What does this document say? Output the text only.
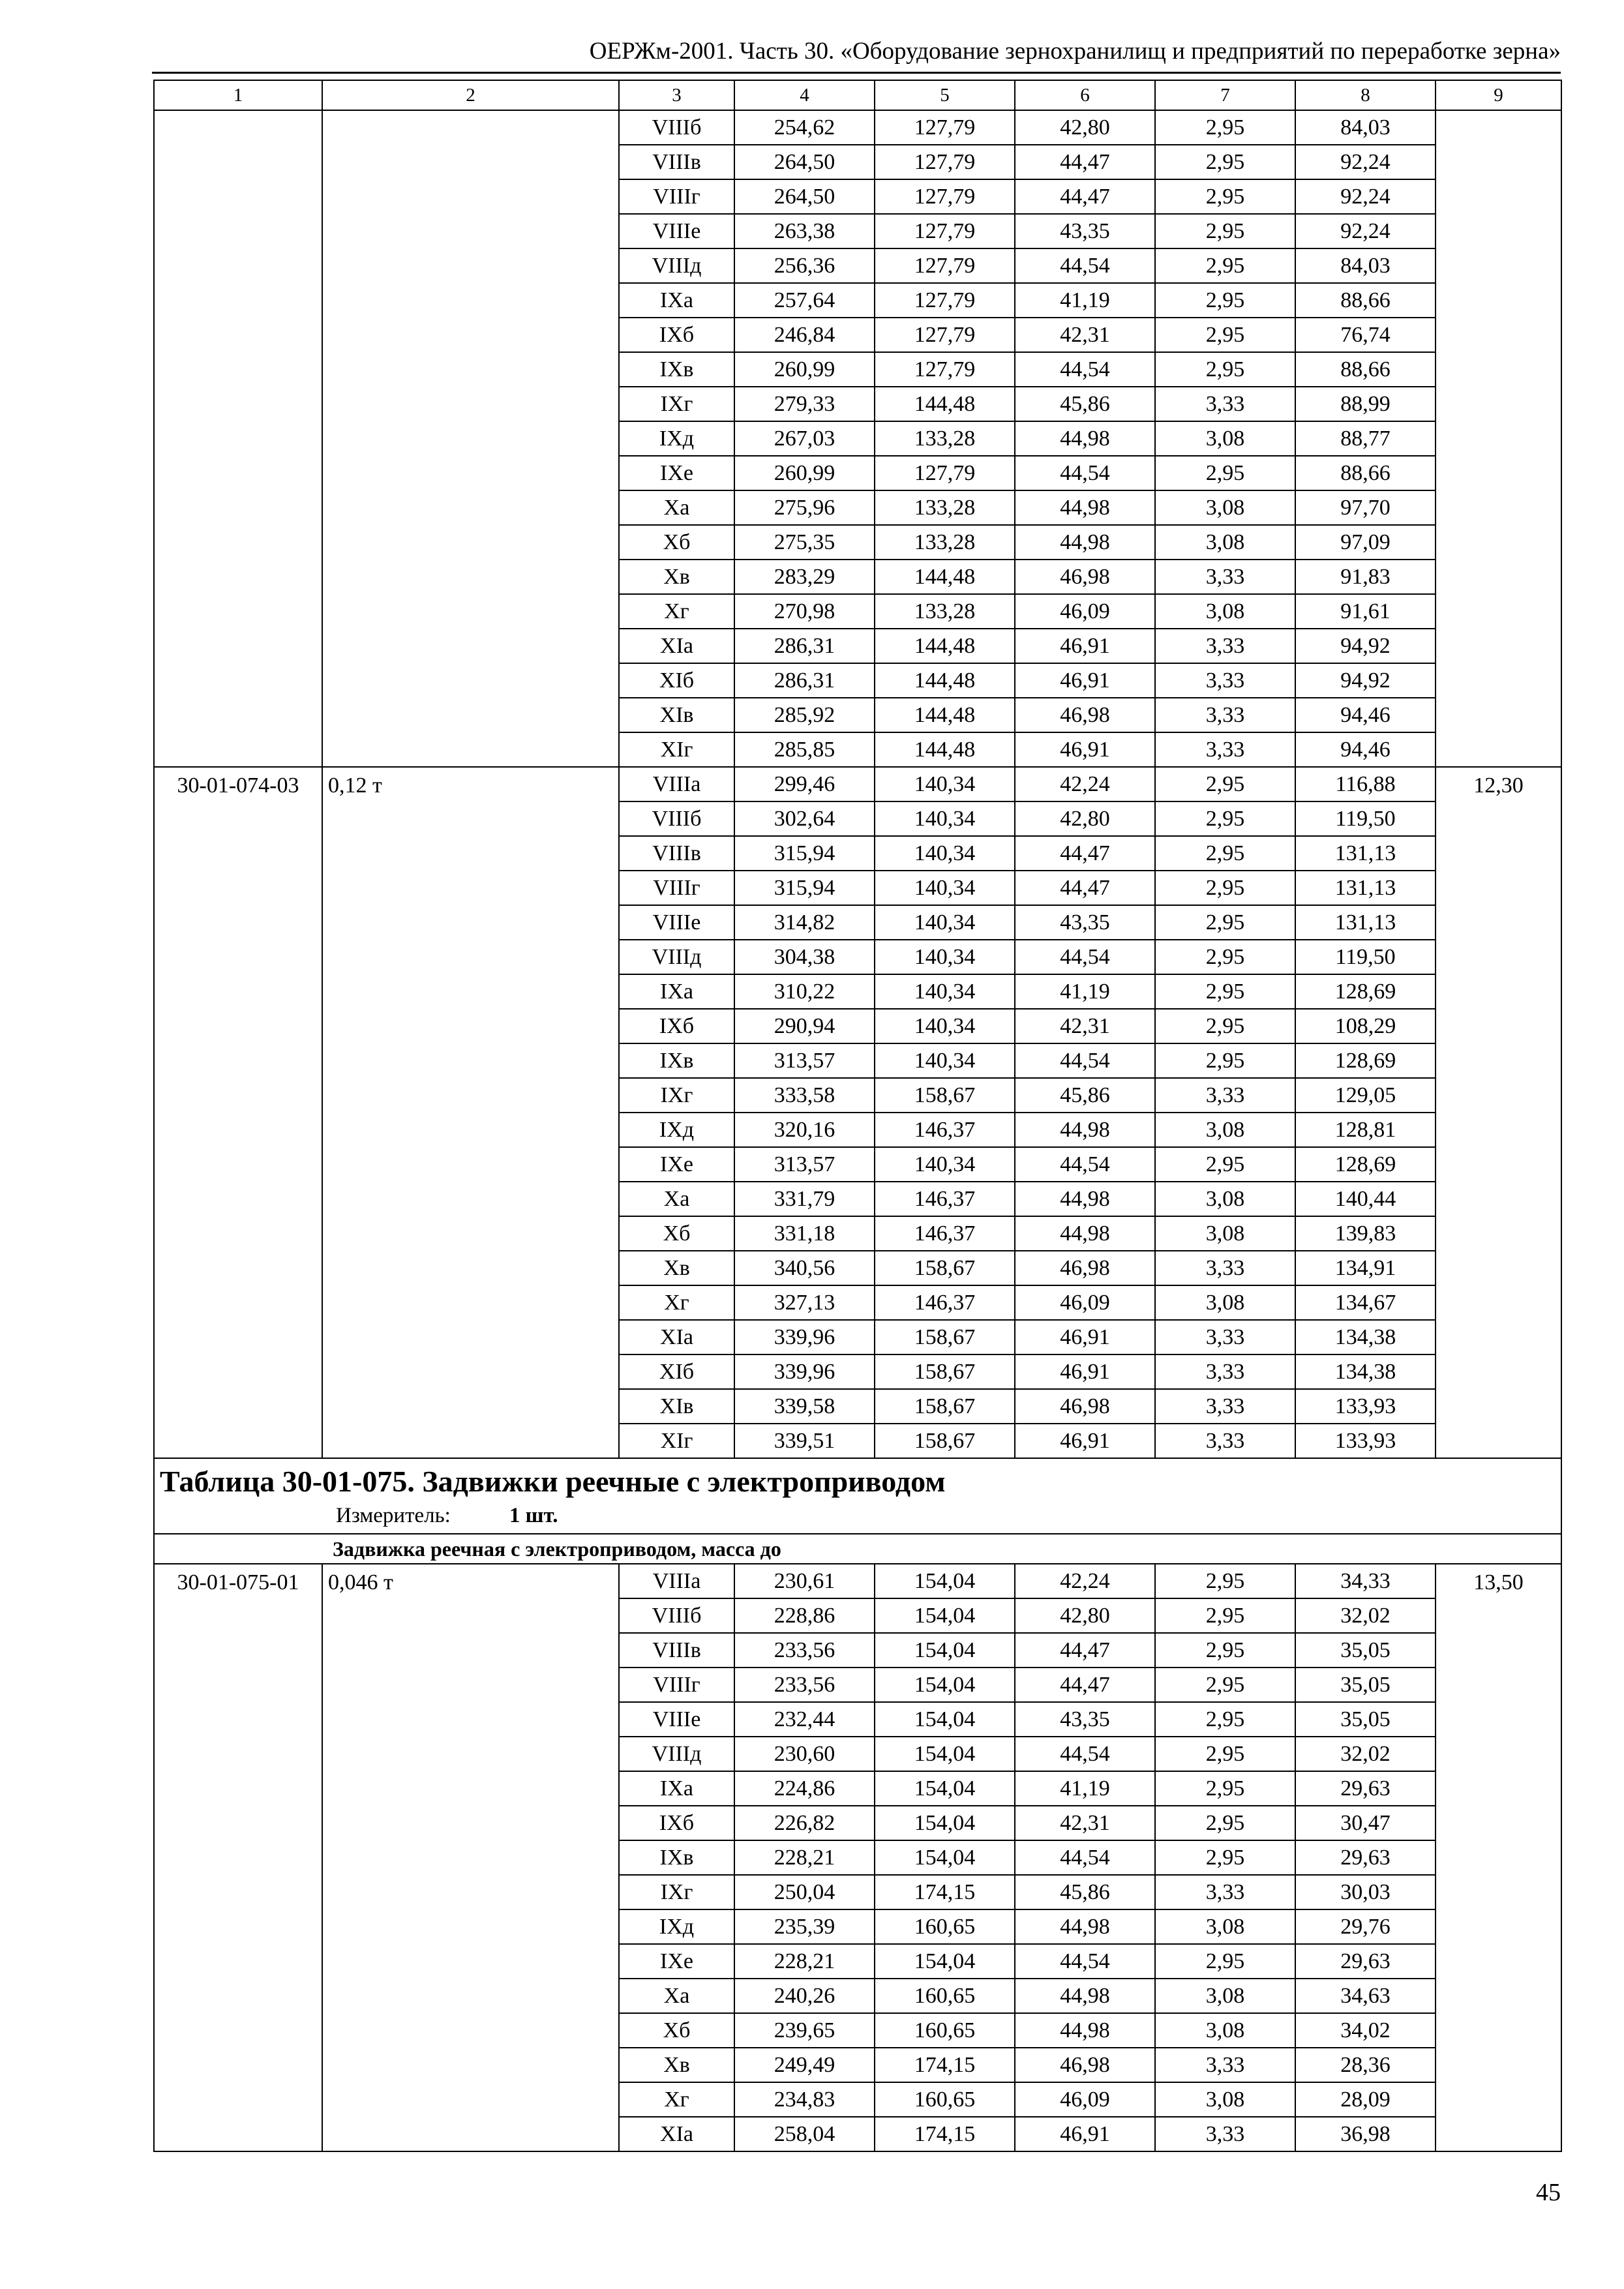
ОЕРЖм-2001. Часть 30. «Оборудование зернохранилищ и предприятий по переработке зерна»
1	2	3	4	5	6	7	8	9
		VIIIб	254,62	127,79	42,80	2,95	84,03	
		VIIIв	264,50	127,79	44,47	2,95	92,24	
		VIIIг	264,50	127,79	44,47	2,95	92,24	
		VIIIе	263,38	127,79	43,35	2,95	92,24	
		VIIIд	256,36	127,79	44,54	2,95	84,03	
		IXа	257,64	127,79	41,19	2,95	88,66	
		IXб	246,84	127,79	42,31	2,95	76,74	
		IXв	260,99	127,79	44,54	2,95	88,66	
		IXг	279,33	144,48	45,86	3,33	88,99	
		IXд	267,03	133,28	44,98	3,08	88,77	
		IXе	260,99	127,79	44,54	2,95	88,66	
		Xа	275,96	133,28	44,98	3,08	97,70	
		Xб	275,35	133,28	44,98	3,08	97,09	
		Xв	283,29	144,48	46,98	3,33	91,83	
		Xг	270,98	133,28	46,09	3,08	91,61	
		XIа	286,31	144,48	46,91	3,33	94,92	
		XIб	286,31	144,48	46,91	3,33	94,92	
		XIв	285,92	144,48	46,98	3,33	94,46	
		XIг	285,85	144,48	46,91	3,33	94,46	
30-01-074-03	0,12 т	VIIIа	299,46	140,34	42,24	2,95	116,88	12,30
		VIIIб	302,64	140,34	42,80	2,95	119,50	
		VIIIв	315,94	140,34	44,47	2,95	131,13	
		VIIIг	315,94	140,34	44,47	2,95	131,13	
		VIIIе	314,82	140,34	43,35	2,95	131,13	
		VIIIд	304,38	140,34	44,54	2,95	119,50	
		IXа	310,22	140,34	41,19	2,95	128,69	
		IXб	290,94	140,34	42,31	2,95	108,29	
		IXв	313,57	140,34	44,54	2,95	128,69	
		IXг	333,58	158,67	45,86	3,33	129,05	
		IXд	320,16	146,37	44,98	3,08	128,81	
		IXе	313,57	140,34	44,54	2,95	128,69	
		Xа	331,79	146,37	44,98	3,08	140,44	
		Xб	331,18	146,37	44,98	3,08	139,83	
		Xв	340,56	158,67	46,98	3,33	134,91	
		Xг	327,13	146,37	46,09	3,08	134,67	
		XIа	339,96	158,67	46,91	3,33	134,38	
		XIб	339,96	158,67	46,91	3,33	134,38	
		XIв	339,58	158,67	46,98	3,33	133,93	
		XIг	339,51	158,67	46,91	3,33	133,93	

Таблица 30-01-075. Задвижки реечные с электроприводом
Измеритель: 1 шт.								

Задвижка реечная с электроприводом, масса до								
30-01-075-01	0,046 т	VIIIа	230,61	154,04	42,24	2,95	34,33	13,50
		VIIIб	228,86	154,04	42,80	2,95	32,02	
		VIIIв	233,56	154,04	44,47	2,95	35,05	
		VIIIг	233,56	154,04	44,47	2,95	35,05	
		VIIIе	232,44	154,04	43,35	2,95	35,05	
		VIIIд	230,60	154,04	44,54	2,95	32,02	
		IXа	224,86	154,04	41,19	2,95	29,63	
		IXб	226,82	154,04	42,31	2,95	30,47	
		IXв	228,21	154,04	44,54	2,95	29,63	
		IXг	250,04	174,15	45,86	3,33	30,03	
		IXд	235,39	160,65	44,98	3,08	29,76	
		IXе	228,21	154,04	44,54	2,95	29,63	
		Xа	240,26	160,65	44,98	3,08	34,63	
		Xб	239,65	160,65	44,98	3,08	34,02	
		Xв	249,49	174,15	46,98	3,33	28,36	
		Xг	234,83	160,65	46,09	3,08	28,09	
		XIа	258,04	174,15	46,91	3,33	36,98	
45
